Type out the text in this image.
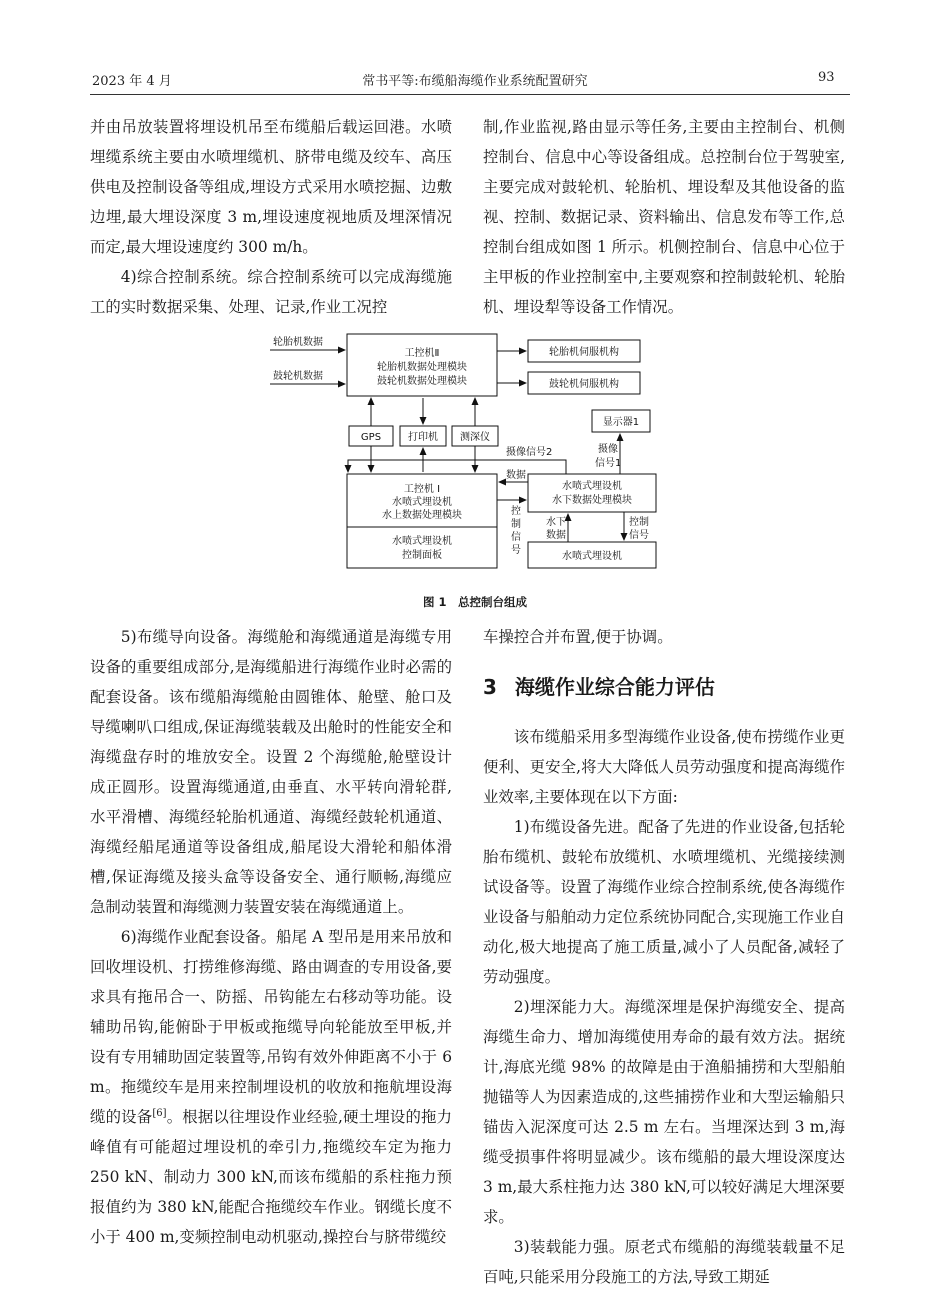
2023 年 4 月	常书平等:布缆船海缆作业系统配置研究	93

并由吊放装置将埋设机吊至布缆船后载运回港。水喷埋缆系统主要由水喷埋缆机、脐带电缆及绞车、高压供电及控制设备等组成,埋设方式采用水喷挖掘、边敷边埋,最大埋设深度 3 m,埋设速度视地质及埋深情况而定,最大埋设速度约 300 m/h。

4)综合控制系统。综合控制系统可以完成海缆施工的实时数据采集、处理、记录,作业工况控

制,作业监视,路由显示等任务,主要由主控制台、机侧控制台、信息中心等设备组成。总控制台位于驾驶室,主要完成对鼓轮机、轮胎机、埋设犁及其他设备的监视、控制、数据记录、资料输出、信息发布等工作,总控制台组成如图 1 所示。机侧控制台、信息中心位于主甲板的作业控制室中,主要观察和控制鼓轮机、轮胎机、埋设犁等设备工作情况。

轮胎机数据
鼓轮机数据
工控机Ⅱ
轮胎机数据处理模块
鼓轮机数据处理模块
轮胎机伺服机构
鼓轮机伺服机构
GPS	打印机 测深仪
显示器1
摄像
信号1
摄像信号2
数据
工控机 Ⅰ
水喷式埋设机
水上数据处理模块
水喷式埋设机
控制面板
控
制
信
号
水喷式埋设机
水下数据处理模块
水下
数据
控制
信号
水喷式埋设机
图 1　总控制台组成

5)布缆导向设备。海缆舱和海缆通道是海缆专用设备的重要组成部分,是海缆船进行海缆作业时必需的配套设备。该布缆船海缆舱由圆锥体、舱壁、舱口及导缆喇叭口组成,保证海缆装载及出舱时的性能安全和海缆盘存时的堆放安全。设置 2 个海缆舱,舱壁设计成正圆形。设置海缆通道,由垂直、水平转向滑轮群,水平滑槽、海缆经轮胎机通道、海缆经鼓轮机通道、海缆经船尾通道等设备组成,船尾设大滑轮和船体滑槽,保证海缆及接头盒等设备安全、通行顺畅,海缆应急制动装置和海缆测力装置安装在海缆通道上。

6)海缆作业配套设备。船尾 A 型吊是用来吊放和回收埋设机、打捞维修海缆、路由调查的专用设备,要求具有拖吊合一、防摇、吊钩能左右移动等功能。设辅助吊钩,能俯卧于甲板或拖缆导向轮能放至甲板,并设有专用辅助固定装置等,吊钩有效外伸距离不小于 6 m。拖缆绞车是用来控制埋设机的收放和拖航埋设海缆的设备[6]。根据以往埋设作业经验,硬土埋设的拖力峰值有可能超过埋设机的牵引力,拖缆绞车定为拖力 250 kN、制动力 300 kN,而该布缆船的系柱拖力预报值约为 380 kN,能配合拖缆绞车作业。钢缆长度不小于 400 m,变频控制电动机驱动,操控台与脐带缆绞

车操控合并布置,便于协调。

3 海缆作业综合能力评估

该布缆船采用多型海缆作业设备,使布捞缆作业更便利、更安全,将大大降低人员劳动强度和提高海缆作业效率,主要体现在以下方面:

1)布缆设备先进。配备了先进的作业设备,包括轮胎布缆机、鼓轮布放缆机、水喷埋缆机、光缆接续测试设备等。设置了海缆作业综合控制系统,使各海缆作业设备与船舶动力定位系统协同配合,实现施工作业自动化,极大地提高了施工质量,减小了人员配备,减轻了劳动强度。

2)埋深能力大。海缆深埋是保护海缆安全、提高海缆生命力、增加海缆使用寿命的最有效方法。据统计,海底光缆 98% 的故障是由于渔船捕捞和大型船舶抛锚等人为因素造成的,这些捕捞作业和大型运输船只锚齿入泥深度可达 2.5 m 左右。当埋深达到 3 m,海缆受损事件将明显减少。该布缆船的最大埋设深度达 3 m,最大系柱拖力达 380 kN,可以较好满足大埋深要求。

3)装载能力强。原老式布缆船的海缆装载量不足百吨,只能采用分段施工的方法,导致工期延
